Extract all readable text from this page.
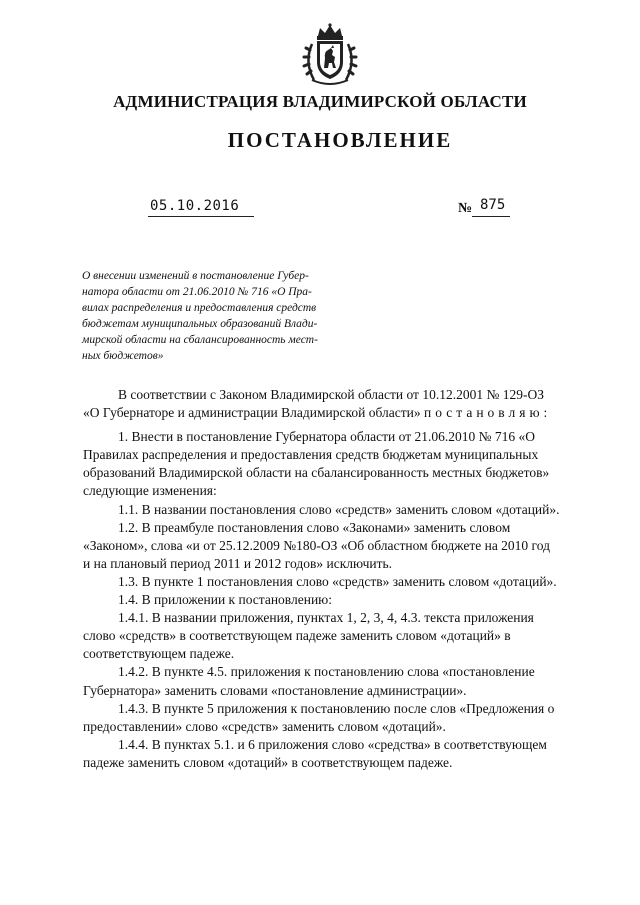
АДМИНИСТРАЦИЯ ВЛАДИМИРСКОЙ ОБЛАСТИ
ПОСТАНОВЛЕНИЕ
05.10.2016	№ 875
О внесении изменений в постановление Губер-
натора области от 21.06.2010 № 716 «О Пра-
вилах распределения и предоставления средств
бюджетам муниципальных образований Влади-
мирской области на сбалансированность мест-
ных бюджетов»
В соответствии с Законом Владимирской области от 10.12.2001 № 129-ОЗ
«О Губернаторе и администрации Владимирской области» постановляю:
1. Внести в постановление Губернатора области от 21.06.2010 № 716 «О
Правилах распределения и предоставления средств бюджетам муниципальных
образований Владимирской области на сбалансированность местных бюджетов»
следующие изменения:
1.1. В названии постановления слово «средств» заменить словом «дотаций».
1.2. В преамбуле постановления слово «Законами» заменить словом
«Законом», слова «и от 25.12.2009 №180-ОЗ «Об областном бюджете на 2010 год
и на плановый период 2011 и 2012 годов» исключить.
1.3. В пункте 1 постановления слово «средств» заменить словом «дотаций».
1.4. В приложении к постановлению:
1.4.1. В названии приложения, пунктах 1, 2, 3, 4, 4.3. текста приложения
слово «средств» в соответствующем падеже заменить словом «дотаций» в
соответствующем падеже.
1.4.2. В пункте 4.5. приложения к постановлению слова «постановление
Губернатора» заменить словами «постановление администрации».
1.4.3. В пункте 5 приложения к постановлению после слов «Предложения о
предоставлении» слово «средств» заменить словом «дотаций».
1.4.4. В пунктах 5.1. и 6 приложения слово «средства» в соответствующем
падеже заменить словом «дотаций» в соответствующем падеже.
